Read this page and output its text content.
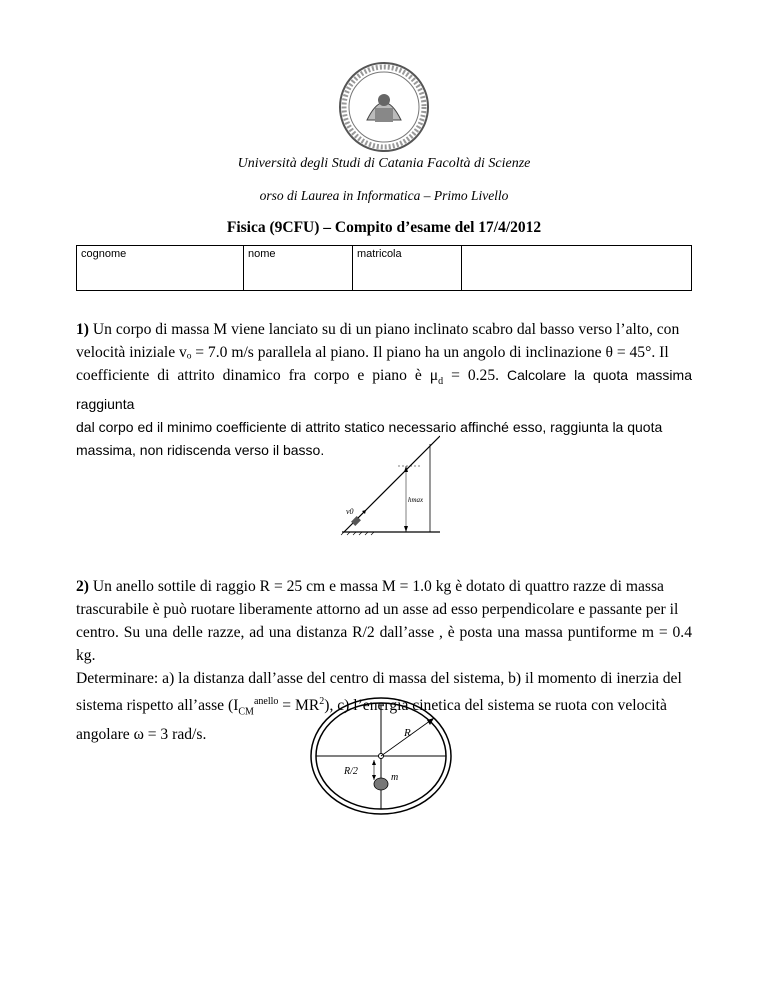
Università degli Studi di Catania Facoltà di Scienze
orso di Laurea in Informatica – Primo Livello
Fisica (9CFU) – Compito d’esame del 17/4/2012
cognome	nome	matricola	
1) Un corpo di massa M viene lanciato su di un piano inclinato scabro dal basso verso l’alto, con
velocità iniziale vₒ = 7.0 m/s parallela al piano. Il piano ha un angolo di inclinazione θ = 45°. Il
coefficiente di attrito dinamico fra corpo e piano è $\mu_d = 0.25$. Calcolare la quota massima raggiunta
dal corpo ed il minimo coefficiente di attrito statico necessario affinché esso, raggiunta la quota
massima, non ridiscenda verso il basso.
hmax
v0
2) Un anello sottile di raggio R = 25 cm e massa M = 1.0 kg è dotato di quattro razze di massa
trascurabile è può ruotare liberamente attorno ad un asse ad esso perpendicolare e passante per il
centro. Su una delle razze, ad una distanza R/2 dall’asse , è posta una massa puntiforme m = 0.4 kg.
Determinare: a) la distanza dall’asse del centro di massa del sistema, b) il momento di inerzia del
sistema rispetto all’asse $(I_{CM}^{anello} = MR^2)$, c) l’energia cinetica del sistema se ruota con velocità
angolare ω = 3 rad/s.	R
R/2
m
